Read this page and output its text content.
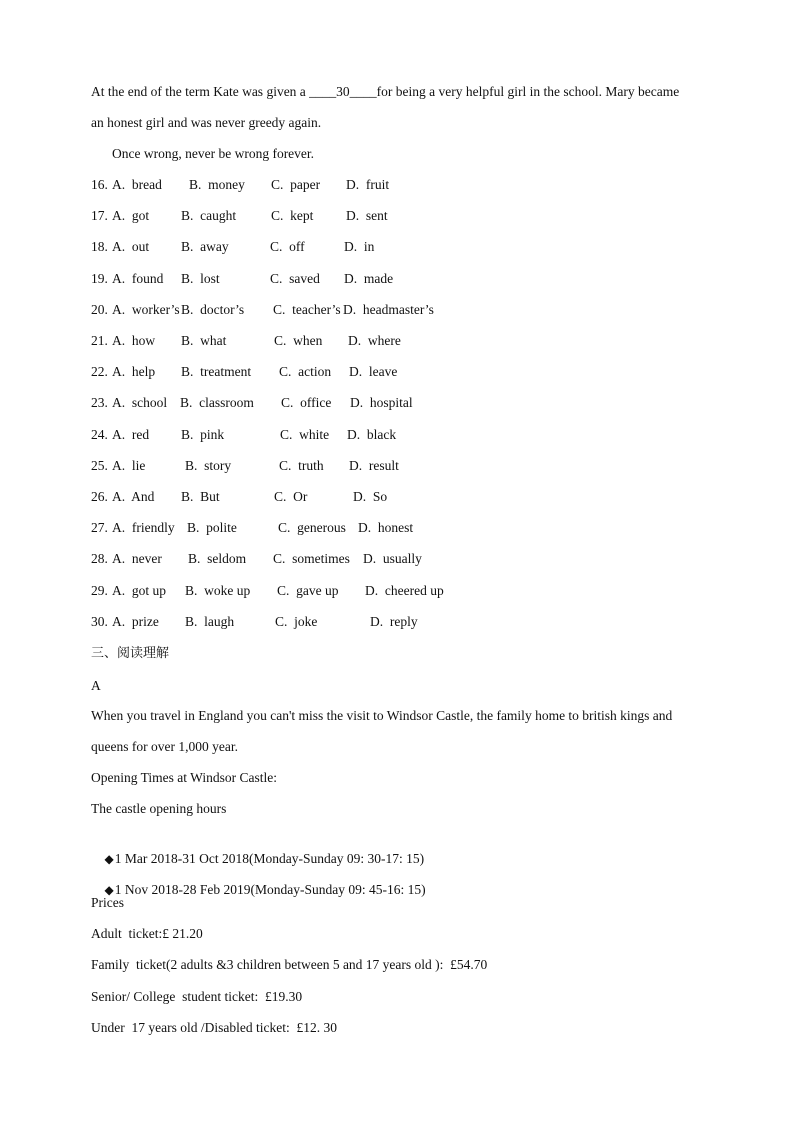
At the end of the term Kate was given a ____30____for being a very helpful girl in the school. Mary became
an honest girl and was never greedy again.
Once wrong, never be wrong forever.
16. A.  bread B.  money C.  paper D.  fruit
17. A.  got B.  caught	C.  kept D.  sent
18. A.  out B.  away	C.  off	D.  in
19. A.  found B.  lost	C.  saved D.  made
20. A.  worker’s B.  doctor’s C.  teacher’s D.  headmaster’s
21. A.  how B.  what	C.  when D.  where
22. A.  help B.  treatment C.  action D.  leave
23. A.  school B.  classroom C.  office D.  hospital
24. A.  red B.  pink	C.  white D.  black
25. A.  lie	B.  story	C.  truth D.  result
26. A.  And B.  But	C.  Or	D.  So
27. A.  friendly B.  polite	C.  generous D.  honest
28. A.  never B.  seldom C.  sometimes D.  usually
29. A.  got up B.  woke up C.  gave up D.  cheered up
30. A.  prize B.  laugh	C.  joke	D.  reply
三、阅读理解
A
When you travel in England you can't miss the visit to Windsor Castle, the family home to british kings and
queens for over 1,000 year.
Opening Times at Windsor Castle:
The castle opening hours

◆1 Mar 2018-31 Oct 2018(Monday-Sunday 09: 30-17: 15)

◆1 Nov 2018-28 Feb 2019(Monday-Sunday 09: 45-16: 15)

Prices
Adult  ticket:£ 21.20
Family  ticket(2 adults &3 children between 5 and 17 years old ):  £54.70
Senior/ College  student ticket:  £19.30
Under  17 years old /Disabled ticket:  £12. 30
